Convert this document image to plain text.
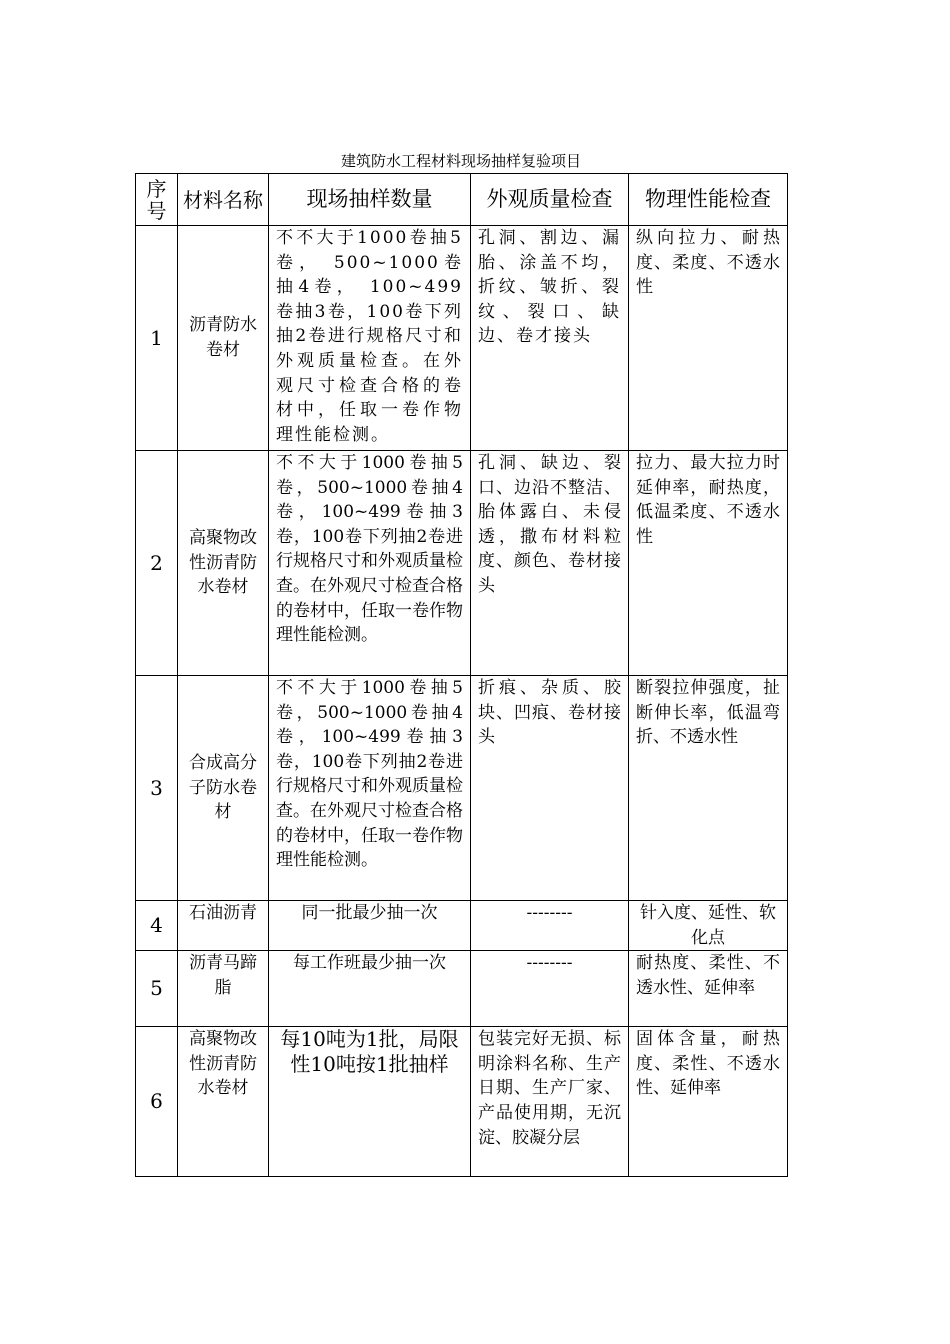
建筑防水工程材料现场抽样复验项目
序号	材料名称	现场抽样数量	外观质量检查	物理性能检查
1	沥青防水卷材	不不大于1000卷抽5卷， 500~1000卷抽4卷， 100~499卷抽3卷，100卷下列抽2卷进行规格尺寸和外观质量检查。在外观尺寸检查合格的卷材中，任取一卷作物理性能检测。	孔洞、割边、漏胎、涂盖不均，折纹、皱折、裂纹、裂口、缺边、卷才接头	纵向拉力、耐热度、柔度、不透水性
2	高聚物改性沥青防水卷材	不不大于1000卷抽5卷，500~1000卷抽4卷，100~499卷抽3卷，100卷下列抽2卷进行规格尺寸和外观质量检查。在外观尺寸检查合格的卷材中，任取一卷作物理性能检测。	孔洞、缺边、裂口、边沿不整洁、胎体露白、未侵透，撒布材料粒度、颜色、卷材接头	拉力、最大拉力时延伸率，耐热度，低温柔度、不透水性
3	合成高分子防水卷材	不不大于1000卷抽5卷，500~1000卷抽4卷，100~499卷抽3卷，100卷下列抽2卷进行规格尺寸和外观质量检查。在外观尺寸检查合格的卷材中，任取一卷作物理性能检测。	折痕、杂质、胶块、凹痕、卷材接头	断裂拉伸强度，扯断伸长率，低温弯折、不透水性
4	石油沥青	同一批最少抽一次	--------	针入度、延性、软化点
5	沥青马蹄脂	每工作班最少抽一次	--------	耐热度、柔性、不透水性、延伸率
6	高聚物改性沥青防水卷材	每10吨为1批，局限性10吨按1批抽样	包装完好无损、标明涂料名称、生产日期、生产厂家、产品使用期，无沉淀、胶凝分层	固体含量，耐热度、柔性、不透水性、延伸率
